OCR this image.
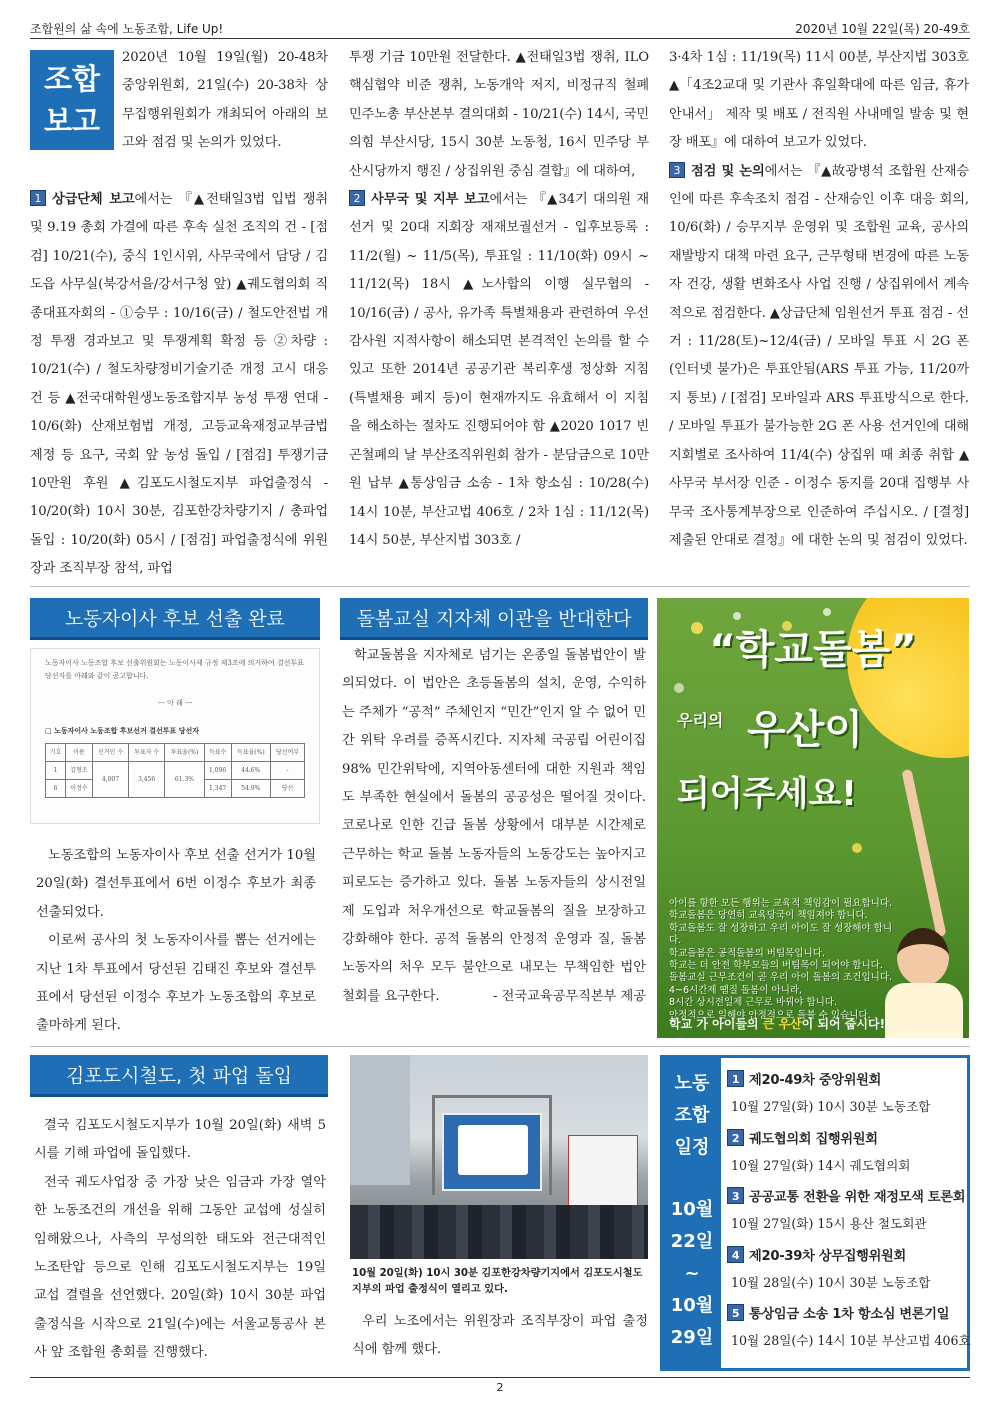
조합원의 삶 속에 노동조합, Life Up!	2020년 10월 22일(목) 20-49호
조합
보고

2020년 10월 19일(월) 20-48차 중앙위원회, 21일(수) 20-38차 상무집행위원회가 개최되어 아래의 보고와 점검 및 논의가 있었다.

1 상급단체 보고에서는 『▲전태일3법 입법 쟁취 및 9.19 총회 가결에 따른 후속 실천 조직의 건 - [점검] 10/21(수), 중식 1인시위, 사무국에서 담당 / 김도읍 사무실(북강서을/강서구청 앞) ▲궤도협의회 직종대표자회의 - ①승무 : 10/16(금) / 철도안전법 개정 투쟁 경과보고 및 투쟁계획 확정 등 ②차량 : 10/21(수) / 철도차량정비기술기준 개정 고시 대응 건 등 ▲전국대학원생노동조합지부 농성 투쟁 연대 - 10/6(화) 산재보험법 개정, 고등교육재정교부금법 제정 등 요구, 국회 앞 농성 돌입 / [점검] 투쟁기금 10만원 후원 ▲김포도시철도지부 파업출정식 - 10/20(화) 10시 30분, 김포한강차량기지 / 총파업 돌입 : 10/20(화) 05시 / [점검] 파업출정식에 위원장과 조직부장 참석, 파업

투쟁 기금 10만원 전달한다. ▲전태일3법 쟁취, ILO 핵심협약 비준 쟁취, 노동개악 저지, 비정규직 철폐 민주노총 부산본부 결의대회 - 10/21(수) 14시, 국민의힘 부산시당, 15시 30분 노동청, 16시 민주당 부산시당까지 행진 / 상집위원 중심 결합』에 대하여,

2 사무국 및 지부 보고에서는 『▲34기 대의원 재선거 및 20대 지회장 재재보궐선거 - 입후보등록 : 11/2(월) ~ 11/5(목), 투표일 : 11/10(화) 09시 ~ 11/12(목) 18시 ▲노사합의 이행 실무협의 - 10/16(금) / 공사, 유가족 특별채용과 관련하여 우선 감사원 지적사항이 해소되면 본격적인 논의를 할 수 있고 또한 2014년 공공기관 복리후생 정상화 지침(특별채용 폐지 등)이 현재까지도 유효해서 이 지침을 해소하는 절차도 진행되어야 함 ▲2020 1017 빈곤철폐의 날 부산조직위원회 참가 - 분담금으로 10만원 납부 ▲통상임금 소송 - 1차 항소심 : 10/28(수) 14시 10분, 부산고법 406호 / 2차 1심 : 11/12(목) 14시 50분, 부산지법 303호 /

3·4차 1심 : 11/19(목) 11시 00분, 부산지법 303호 ▲「4조2교대 및 기관사 휴일확대에 따른 임금, 휴가 안내서」 제작 및 배포 / 전직원 사내메일 발송 및 현장 배포』에 대하여 보고가 있었다.

3 점검 및 논의에서는 『▲故광병석 조합원 산재승인에 따른 후속조치 점검 - 산재승인 이후 대응 회의, 10/6(화) / 승무지부 운영위 및 조합원 교육, 공사의 재발방지 대책 마련 요구, 근무형태 변경에 따른 노동자 건강, 생활 변화조사 사업 진행 / 상집위에서 계속적으로 점검한다. ▲상급단체 임원선거 투표 점검 - 선거 : 11/28(토)~12/4(금) / 모바일 투표 시 2G 폰(인터넷 불가)은 투표안됨(ARS 투표 가능, 11/20까지 통보) / [점검] 모바일과 ARS 투표방식으로 한다. / 모바일 투표가 불가능한 2G 폰 사용 선거인에 대해 지회별로 조사하여 11/4(수) 상집위 때 최종 취합 ▲사무국 부서장 인준 - 이정수 동지를 20대 집행부 사무국 조사통계부장으로 인준하여 주십시오. / [결정] 제출된 안대로 결정』에 대한 논의 및 점검이 있었다.

노동자이사 후보 선출 완료
노동자이사 노동조합 후보 선출위원회는 노동이사제 규정 제3조에 의거하여 결선투표 당선자를 아래와 같이 공고합니다.
--- 아 래 ---
□ 노동자이사 노동조합 후보선거 결선투표 당선자
기호	이름	선거인 수	투표자 수	투표율(%)	득표수	득표율(%)	당선여부
1	김형조	4,007	3,456	61.3%	1,096	44.6%	-
6	이정수				1,347	54.9%	당선

노동조합의 노동자이사 후보 선출 선거가 10월 20일(화) 결선투표에서 6번 이정수 후보가 최종 선출되었다.

이로써 공사의 첫 노동자이사를 뽑는 선거에는 지난 1차 투표에서 당선된 김태진 후보와 결선투표에서 당선된 이정수 후보가 노동조합의 후보로 출마하게 된다.

돌봄교실 지자체 이관을 반대한다

학교돌봄을 지자체로 넘기는 온종일 돌봄법안이 발의되었다. 이 법안은 초등돌봄의 설치, 운영, 수익하는 주체가 “공적” 주체인지 “민간”인지 알 수 없어 민간 위탁 우려를 증폭시킨다. 지자체 국공립 어린이집 98% 민간위탁에, 지역아동센터에 대한 지원과 책임도 부족한 현실에서 돌봄의 공공성은 떨어질 것이다. 코로나로 인한 긴급 돌봄 상황에서 대부분 시간제로 근무하는 학교 돌봄 노동자들의 노동강도는 높아지고 피로도는 증가하고 있다. 돌봄 노동자들의 상시전일제 도입과 처우개선으로 학교돌봄의 질을 보장하고 강화해야 한다. 공적 돌봄의 안정적 운영과 질, 돌봄 노동자의 처우 모두 불안으로 내모는 무책임한 법안 철회를 요구한다.	- 전국교육공무직본부 제공

“학교돌봄”
우리의 우산이
되어주세요!
아이를 향한 모든 행위는 교육적 책임감이 필요합니다.
학교돌봄은 당연히 교육당국이 책임져야 합니다.
학교돌봄도 잘 성장하고 우리 아이도 잘 성장해야 합니다.
학교돌봄은 공적돌봄의 버팀목입니다.
학교는 더 안전 학부모들의 버팀목이 되어야 합니다.
돌봄교실 근무조건이 곧 우리 아이 돌봄의 조건입니다.
4~6시간제 땜질 돌봄이 아니라,
8시간 상시전일제 근무로 바꿔야 합니다.
안정적으로 일해야 안정적으로 돌볼 수 있습니다.
학교 가 아이들의 큰 우산이 되어 줍시다!
김포도시철도, 첫 파업 돌입

결국 김포도시철도지부가 10월 20일(화) 새벽 5시를 기해 파업에 돌입했다.

전국 궤도사업장 중 가장 낮은 임금과 가장 열악한 노동조건의 개선을 위해 그동안 교섭에 성실히 임해왔으나, 사측의 무성의한 태도와 전근대적인 노조탄압 등으로 인해 김포도시철도지부는 19일 교섭 결렬을 선언했다. 20일(화) 10시 30분 파업출정식을 시작으로 21일(수)에는 서울교통공사 본사 앞 조합원 총회를 진행했다.

10월 20일(화) 10시 30분 김포한강차량기지에서 김포도시철도지부의 파업 출정식이 열리고 있다.

우리 노조에서는 위원장과 조직부장이 파업 출정식에 함께 했다.

노동
조합
일정
10월
22일
~
10월
29일
1 제20-49차 중앙위원회
10월 27일(화) 10시 30분 노동조합
2 궤도협의회 집행위원회
10월 27일(화) 14시 궤도협의회
3 공공교통 전환을 위한 재정모색 토론회
10월 27일(화) 15시 용산 철도회관
4 제20-39차 상무집행위원회
10월 28일(수) 10시 30분 노동조합
5 통상임금 소송 1차 항소심 변론기일
10월 28일(수) 14시 10분 부산고법 406호
2
